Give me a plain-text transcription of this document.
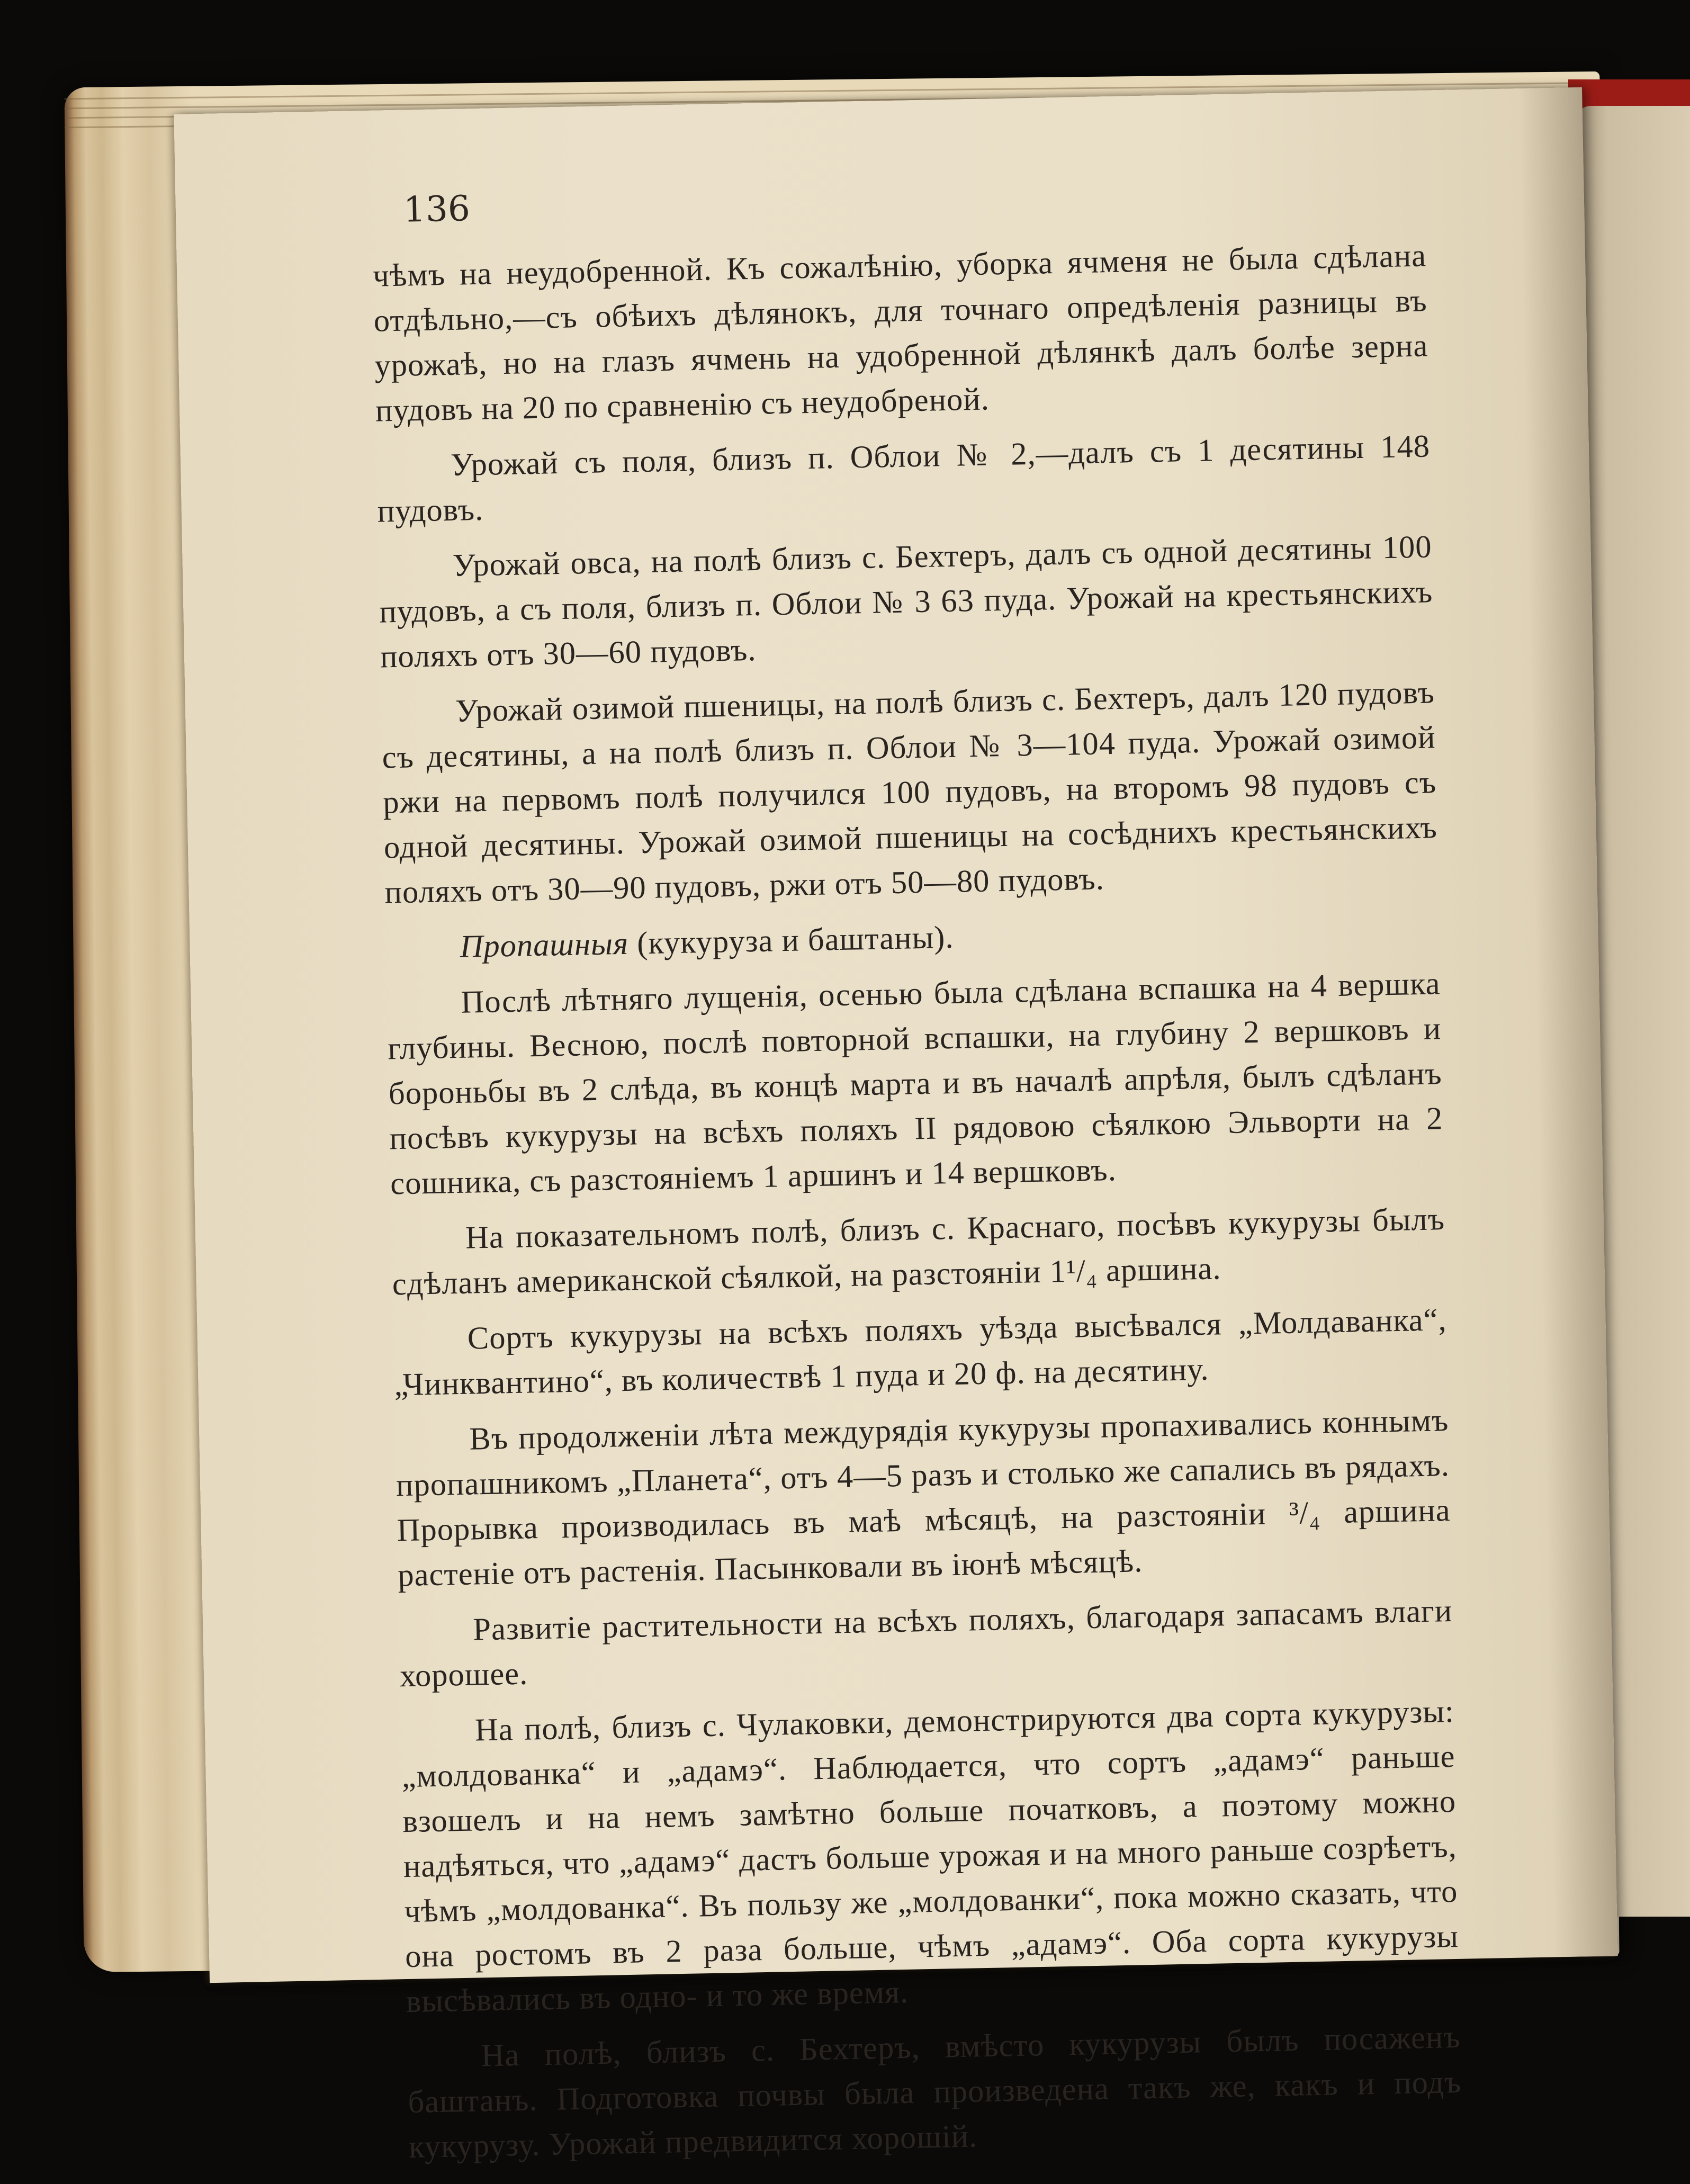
136

чѣмъ на неудобренной. Къ сожалѣнію, уборка ячменя не была сдѣлана отдѣльно,—съ обѣихъ дѣлянокъ, для точнаго опредѣленія разницы въ урожаѣ, но на глазъ ячмень на удобренной дѣлянкѣ далъ болѣе зерна пудовъ на 20 по сравненію съ неудобреной.

Урожай съ поля, близъ п. Облои № 2,—далъ съ 1 десятины 148 пудовъ.

Урожай овса, на полѣ близъ с. Бехтеръ, далъ съ одной десятины 100 пудовъ, а съ поля, близъ п. Облои № 3 63 пуда. Урожай на крестьянскихъ поляхъ отъ 30—60 пудовъ.

Урожай озимой пшеницы, на полѣ близъ с. Бехтеръ, далъ 120 пудовъ съ десятины, а на полѣ близъ п. Облои № 3—104 пуда. Урожай озимой ржи на первомъ полѣ получился 100 пудовъ, на второмъ 98 пудовъ съ одной десятины. Урожай озимой пшеницы на сосѣднихъ крестьянскихъ поляхъ отъ 30—90 пудовъ, ржи отъ 50—80 пудовъ.

Пропашныя (кукуруза и баштаны).

Послѣ лѣтняго лущенія, осенью была сдѣлана вспашка на 4 вершка глубины. Весною, послѣ повторной вспашки, на глубину 2 вершковъ и бороньбы въ 2 слѣда, въ концѣ марта и въ началѣ апрѣля, былъ сдѣланъ посѣвъ кукурузы на всѣхъ поляхъ II рядовою сѣялкою Эльворти на 2 сошника, съ разстояніемъ 1 аршинъ и 14 вершковъ.

На показательномъ полѣ, близъ с. Краснаго, посѣвъ кукурузы былъ сдѣланъ американской сѣялкой, на разстояніи 1¹/₄ аршина.

Сортъ кукурузы на всѣхъ поляхъ уѣзда высѣвался „Молдаванка“, „Чинквантино“, въ количествѣ 1 пуда и 20 ф. на десятину.

Въ продолженіи лѣта междурядія кукурузы пропахивались коннымъ пропашникомъ „Планета“, отъ 4—5 разъ и столько же сапались въ рядахъ. Прорывка производилась въ маѣ мѣсяцѣ, на разстояніи ³/₄ аршина растеніе отъ растенія. Пасынковали въ іюнѣ мѣсяцѣ.

Развитіе растительности на всѣхъ поляхъ, благодаря запасамъ влаги хорошее.

На полѣ, близъ с. Чулаковки, демонстрируются два сорта кукурузы: „молдованка“ и „адамэ“. Наблюдается, что сортъ „адамэ“ раньше взошелъ и на немъ замѣтно больше початковъ, а поэтому можно надѣяться, что „адамэ“ дастъ больше урожая и на много раньше созрѣетъ, чѣмъ „молдованка“. Въ пользу же „молдованки“, пока можно сказать, что она ростомъ въ 2 раза больше, чѣмъ „адамэ“. Оба сорта кукурузы высѣвались въ одно- и то же время.

На полѣ, близъ с. Бехтеръ, вмѣсто кукурузы былъ посаженъ баштанъ. Подготовка почвы была произведена такъ же, какъ и подъ кукурузу. Урожай предвидится хорошій.
